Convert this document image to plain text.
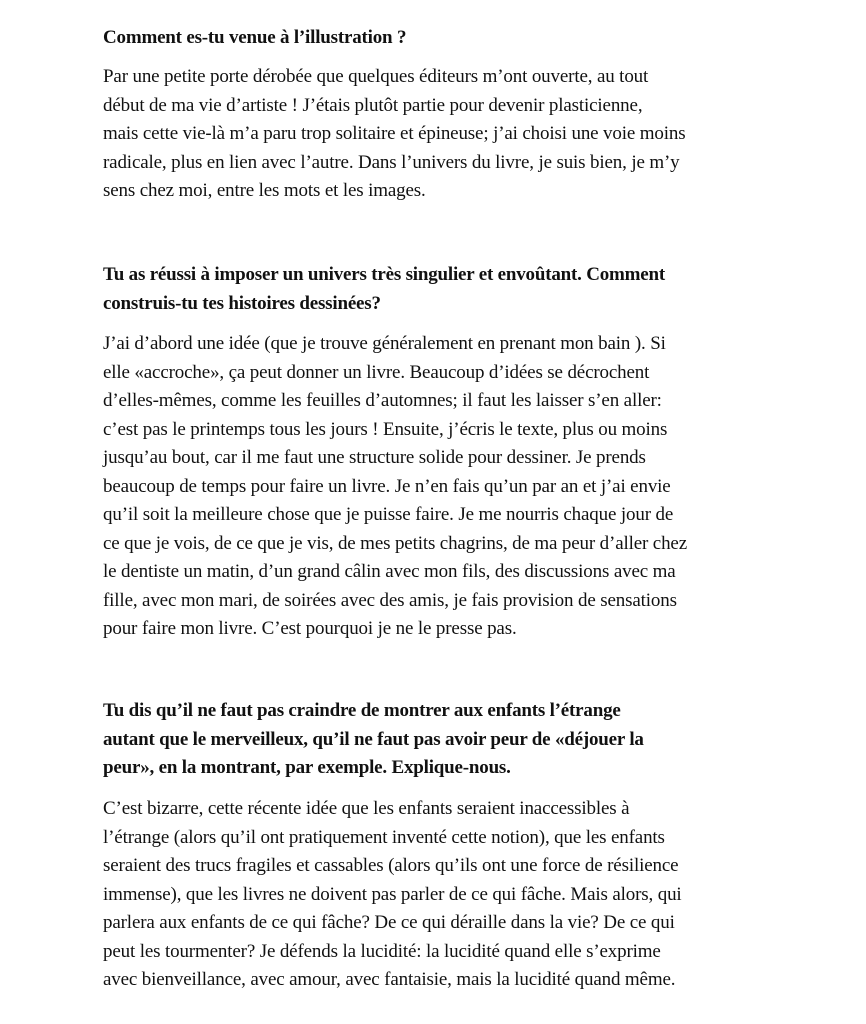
Comment es-tu venue à l’illustration ?
Par une petite porte dérobée que quelques éditeurs m’ont ouverte, au tout
début de ma vie d’artiste ! J’étais plutôt partie pour devenir plasticienne,
mais cette vie-là m’a paru trop solitaire et épineuse; j’ai choisi une voie moins
radicale, plus en lien avec l’autre. Dans l’univers du livre, je suis bien, je m’y
sens chez moi, entre les mots et les images.
Tu as réussi à imposer un univers très singulier et envoûtant. Comment
construis-tu tes histoires dessinées?
J’ai d’abord une idée (que je trouve généralement en prenant mon bain ). Si
elle «accroche», ça peut donner un livre. Beaucoup d’idées se décrochent
d’elles-mêmes, comme les feuilles d’automnes; il faut les laisser s’en aller:
c’est pas le printemps tous les jours ! Ensuite, j’écris le texte, plus ou moins
jusqu’au bout, car il me faut une structure solide pour dessiner. Je prends
beaucoup de temps pour faire un livre. Je n’en fais qu’un par an et j’ai envie
qu’il soit la meilleure chose que je puisse faire. Je me nourris chaque jour de
ce que je vois, de ce que je vis, de mes petits chagrins, de ma peur d’aller chez
le dentiste un matin, d’un grand câlin avec mon fils, des discussions avec ma
fille, avec mon mari, de soirées avec des amis, je fais provision de sensations
pour faire mon livre. C’est pourquoi je ne le presse pas.
Tu dis qu’il ne faut pas craindre de montrer aux enfants l’étrange
autant que le merveilleux, qu’il ne faut pas avoir peur de «déjouer la
peur», en la montrant, par exemple. Explique-nous.
C’est bizarre, cette récente idée que les enfants seraient inaccessibles à
l’étrange (alors qu’il ont pratiquement inventé cette notion), que les enfants
seraient des trucs fragiles et cassables (alors qu’ils ont une force de résilience
immense), que les livres ne doivent pas parler de ce qui fâche. Mais alors, qui
parlera aux enfants de ce qui fâche? De ce qui déraille dans la vie? De ce qui
peut les tourmenter? Je défends la lucidité: la lucidité quand elle s’exprime
avec bienveillance, avec amour, avec fantaisie, mais la lucidité quand même.
